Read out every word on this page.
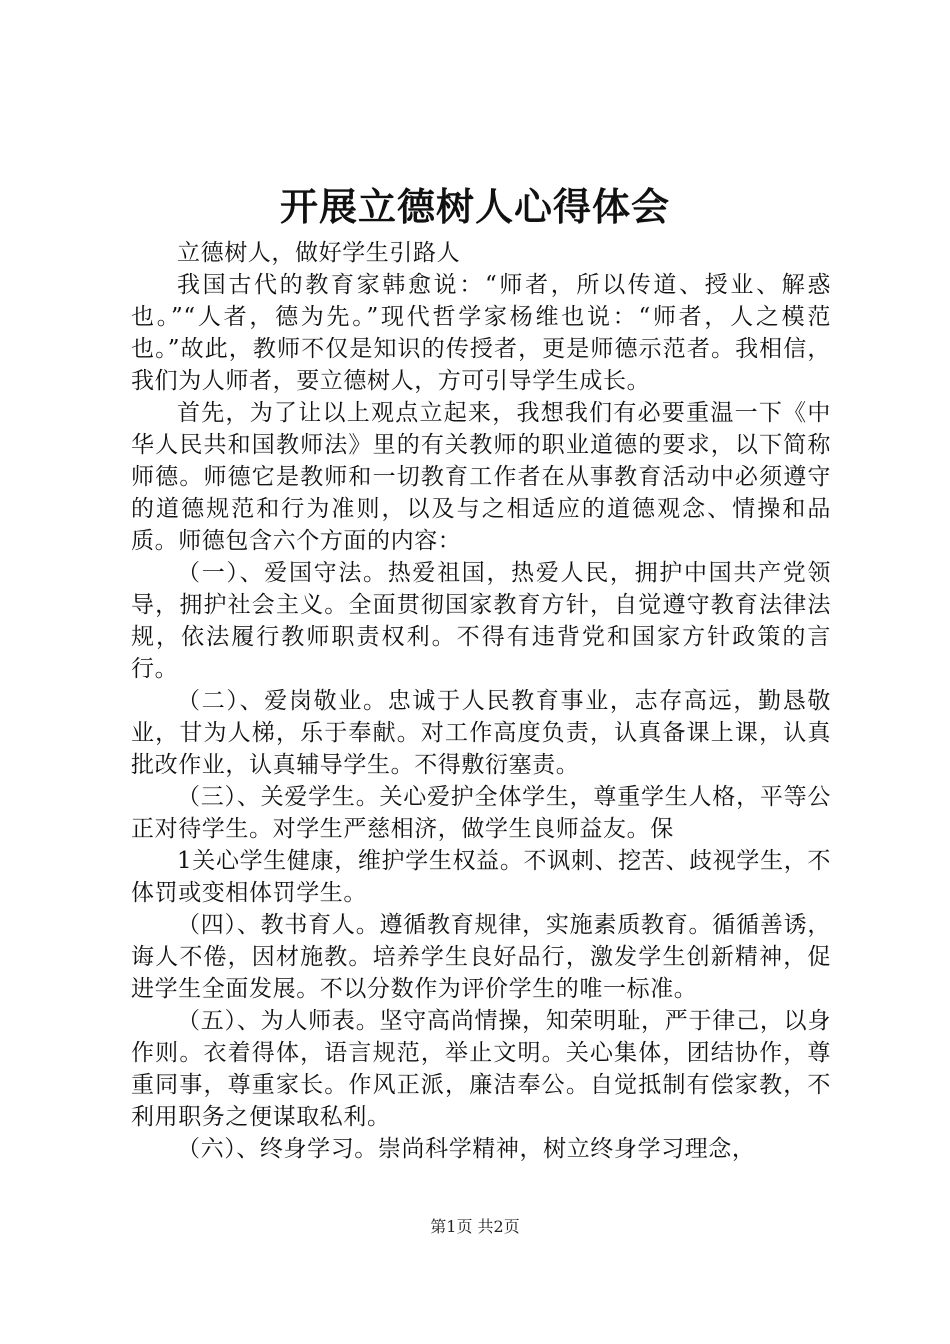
开展立德树人心得体会

立德树人，做好学生引路人

我国古代的教育家韩愈说：“师者，所以传道、授业、解惑也。”“人者，德为先。”现代哲学家杨维也说：“师者，人之模范也。”故此，教师不仅是知识的传授者，更是师德示范者。我相信，我们为人师者，要立德树人，方可引导学生成长。

首先，为了让以上观点立起来，我想我们有必要重温一下《中华人民共和国教师法》里的有关教师的职业道德的要求，以下简称师德。师德它是教师和一切教育工作者在从事教育活动中必须遵守的道德规范和行为准则，以及与之相适应的道德观念、情操和品质。师德包含六个方面的内容：

（一）、爱国守法。热爱祖国，热爱人民，拥护中国共产党领导，拥护社会主义。全面贯彻国家教育方针，自觉遵守教育法律法规，依法履行教师职责权利。不得有违背党和国家方针政策的言行。

（二）、爱岗敬业。忠诚于人民教育事业，志存高远，勤恳敬业，甘为人梯，乐于奉献。对工作高度负责，认真备课上课，认真批改作业，认真辅导学生。不得敷衍塞责。

（三）、关爱学生。关心爱护全体学生，尊重学生人格，平等公正对待学生。对学生严慈相济，做学生良师益友。保

1关心学生健康，维护学生权益。不讽刺、挖苦、歧视学生，不体罚或变相体罚学生。

（四）、教书育人。遵循教育规律，实施素质教育。循循善诱，诲人不倦，因材施教。培养学生良好品行，激发学生创新精神，促进学生全面发展。不以分数作为评价学生的唯一标准。

（五）、为人师表。坚守高尚情操，知荣明耻，严于律己，以身作则。衣着得体，语言规范，举止文明。关心集体，团结协作，尊重同事，尊重家长。作风正派，廉洁奉公。自觉抵制有偿家教，不利用职务之便谋取私利。

（六）、终身学习。崇尚科学精神，树立终身学习理念，

第1页 共2页
